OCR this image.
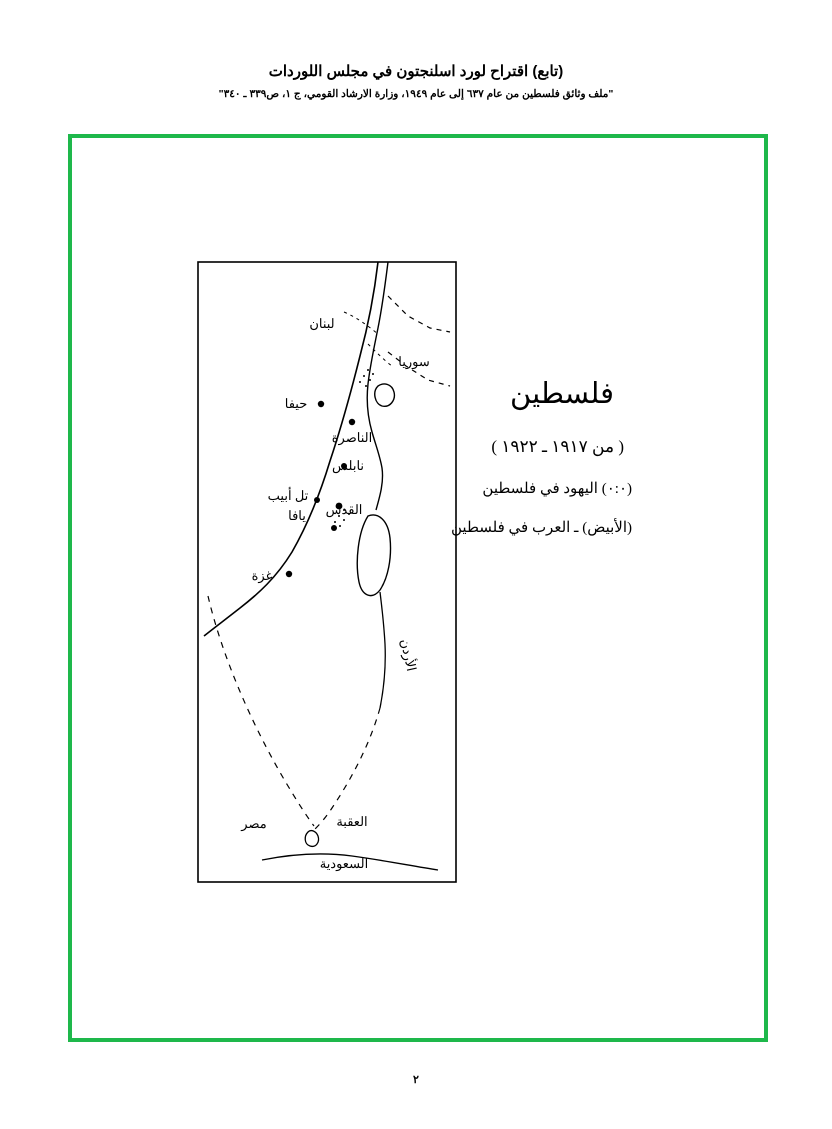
(تابع) اقتراح لورد اسلنجتون في مجلس اللوردات
"ملف وثائق فلسطين من عام ٦٣٧ إلى عام ١٩٤٩، وزارة الارشاد القومي، ج ١، ص٣٣٩ ـ ٣٤٠"
لبنان
سوريا
حيفا
الناصرة
نابلس
تل أبيب
يافا القدس
غزة
الأردن
مصر	العقبة
السعودية
فلسطين
( من ١٩١٧ ـ ١٩٢٢ )
(٠:٠) اليهود في فلسطين
(الأبيض) ـ العرب في فلسطين
٢
